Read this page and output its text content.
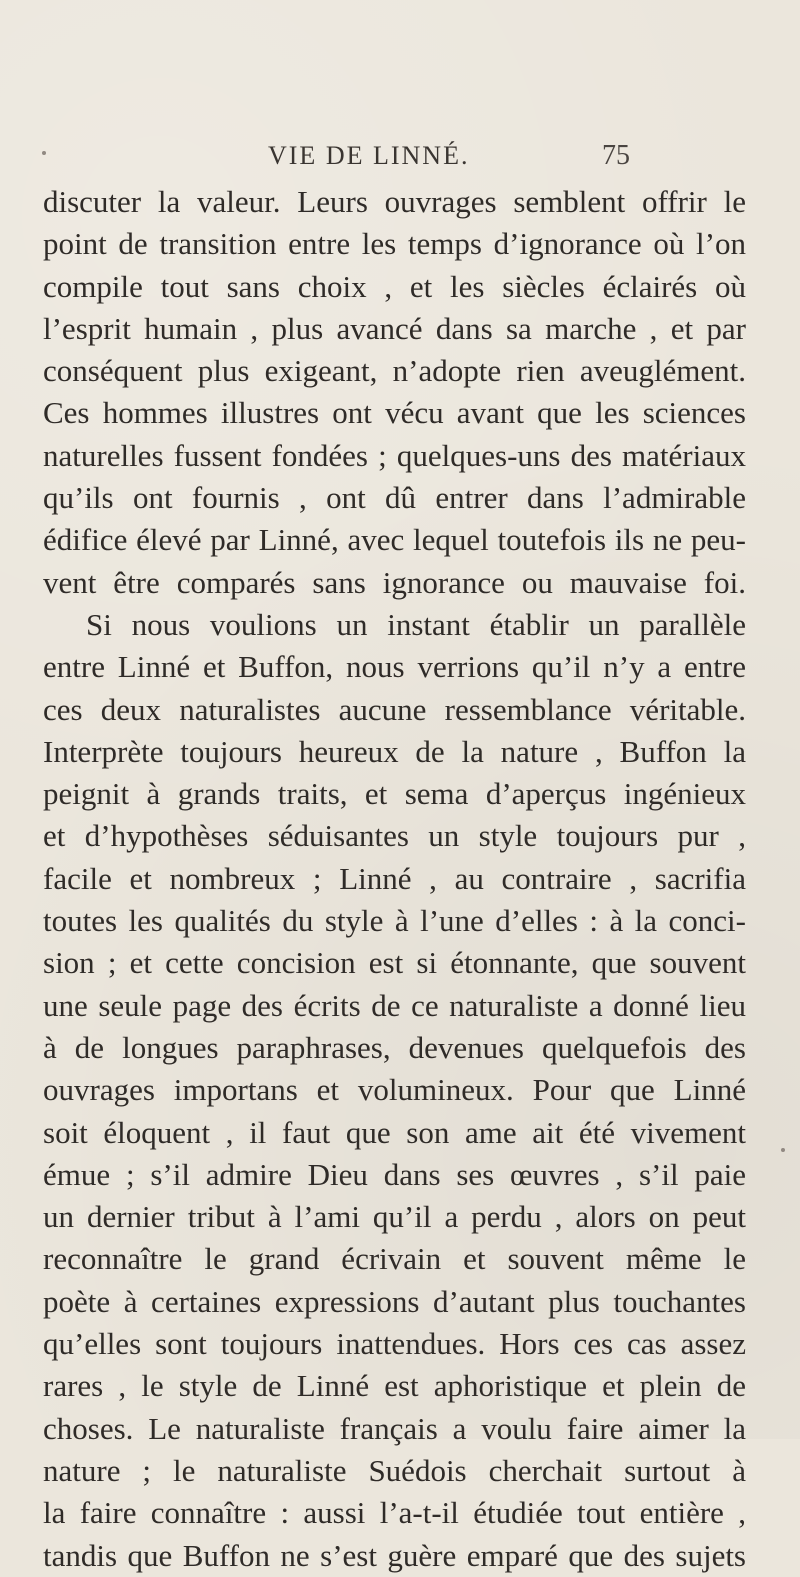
VIE DE LINNÉ.	75
discuter la valeur. Leurs ouvrages semblent offrir le
point de transition entre les temps d’ignorance où l’on
compile tout sans choix , et les siècles éclairés où
l’esprit humain , plus avancé dans sa marche , et par
conséquent plus exigeant, n’adopte rien aveuglément.
Ces hommes illustres ont vécu avant que les sciences
naturelles fussent fondées ; quelques-uns des matériaux
qu’ils ont fournis , ont dû entrer dans l’admirable
édifice élevé par Linné, avec lequel toutefois ils ne peu-
vent être comparés sans ignorance ou mauvaise foi.
Si nous voulions un instant établir un parallèle
entre Linné et Buffon, nous verrions qu’il n’y a entre
ces deux naturalistes aucune ressemblance véritable.
Interprète toujours heureux de la nature , Buffon la
peignit à grands traits, et sema d’aperçus ingénieux
et d’hypothèses séduisantes un style toujours pur ,
facile et nombreux ; Linné , au contraire , sacrifia
toutes les qualités du style à l’une d’elles : à la conci-
sion ; et cette concision est si étonnante, que souvent
une seule page des écrits de ce naturaliste a donné lieu
à de longues paraphrases, devenues quelquefois des
ouvrages importans et volumineux. Pour que Linné
soit éloquent , il faut que son ame ait été vivement
émue ; s’il admire Dieu dans ses œuvres , s’il paie
un dernier tribut à l’ami qu’il a perdu , alors on peut
reconnaître le grand écrivain et souvent même le
poète à certaines expressions d’autant plus touchantes
qu’elles sont toujours inattendues. Hors ces cas assez
rares , le style de Linné est aphoristique et plein de
choses. Le naturaliste français a voulu faire aimer la
nature ; le naturaliste Suédois cherchait surtout à
la faire connaître : aussi l’a-t-il étudiée tout entière ,
tandis que Buffon ne s’est guère emparé que des sujets
